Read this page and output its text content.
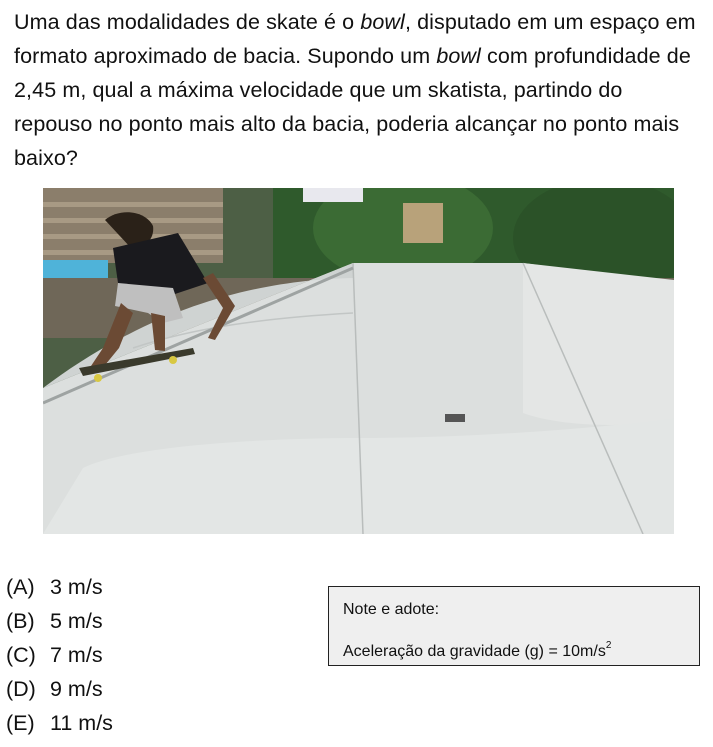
Uma das modalidades de skate é o bowl, disputado em um espaço em formato aproximado de bacia. Supondo um bowl com profundidade de 2,45 m, qual a máxima velocidade que um skatista, partindo do repouso no ponto mais alto da bacia, poderia alcançar no ponto mais baixo?

(A) 3 m/s
(B) 5 m/s
(C) 7 m/s
(D) 9 m/s
(E) 11 m/s
Note e adote:
Aceleração da gravidade $(g) = 10m/s^2$
